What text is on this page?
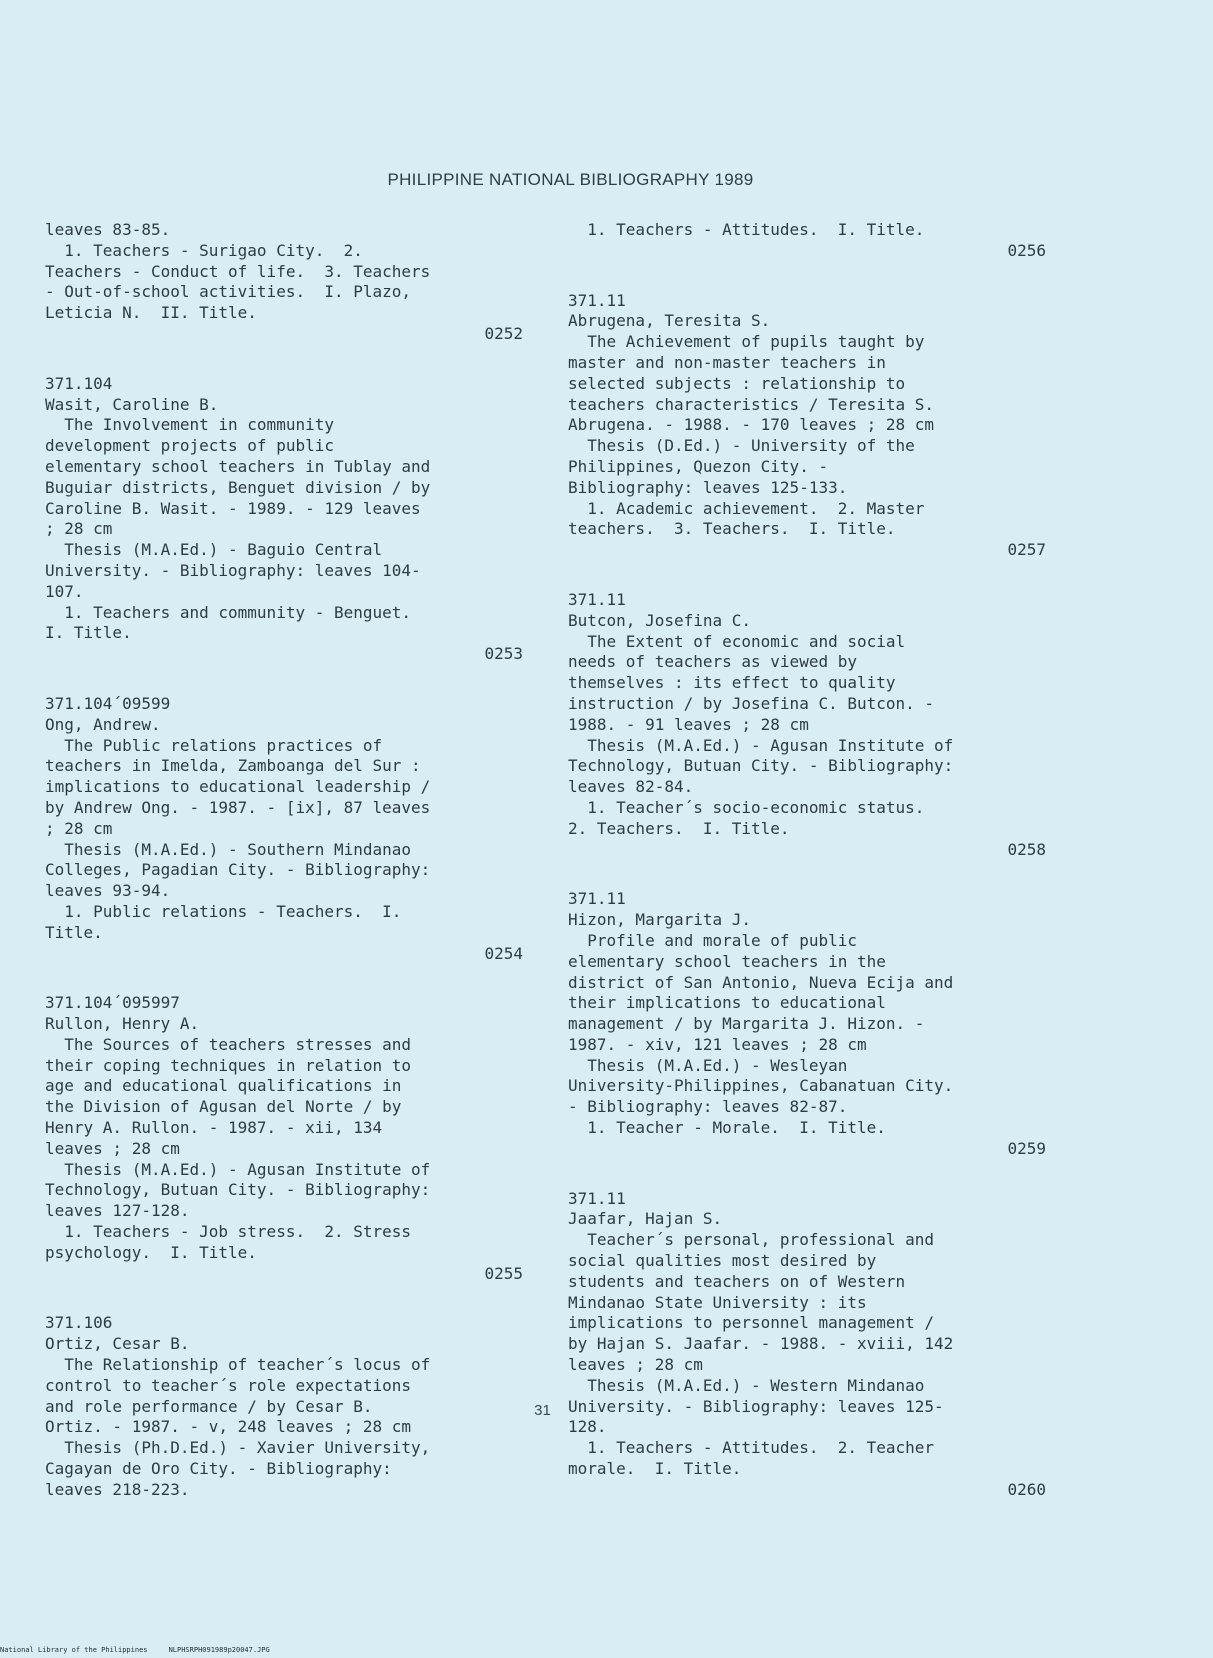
PHILIPPINE NATIONAL BIBLIOGRAPHY 1989
leaves 83-85.
1. Teachers - Surigao City.  2.
Teachers - Conduct of life.  3. Teachers
- Out-of-school activities.  I. Plazo,
Leticia N.  II. Title.
0252
371.104
Wasit, Caroline B.
The Involvement in community
development projects of public
elementary school teachers in Tublay and
Buguiar districts, Benguet division / by
Caroline B. Wasit. - 1989. - 129 leaves
; 28 cm
Thesis (M.A.Ed.) - Baguio Central
University. - Bibliography: leaves 104-
107.
1. Teachers and community - Benguet.
I. Title.
0253
371.104´09599
Ong, Andrew.
The Public relations practices of
teachers in Imelda, Zamboanga del Sur :
implications to educational leadership /
by Andrew Ong. - 1987. - [ix], 87 leaves
; 28 cm
Thesis (M.A.Ed.) - Southern Mindanao
Colleges, Pagadian City. - Bibliography:
leaves 93-94.
1. Public relations - Teachers.  I.
Title.
0254
371.104´095997
Rullon, Henry A.
The Sources of teachers stresses and
their coping techniques in relation to
age and educational qualifications in
the Division of Agusan del Norte / by
Henry A. Rullon. - 1987. - xii, 134
leaves ; 28 cm
Thesis (M.A.Ed.) - Agusan Institute of
Technology, Butuan City. - Bibliography:
leaves 127-128.
1. Teachers - Job stress.  2. Stress
psychology.  I. Title.
0255
371.106
Ortiz, Cesar B.
The Relationship of teacher´s locus of
control to teacher´s role expectations
and role performance / by Cesar B.
Ortiz. - 1987. - v, 248 leaves ; 28 cm
Thesis (Ph.D.Ed.) - Xavier University,
Cagayan de Oro City. - Bibliography:
leaves 218-223.
1. Teachers - Attitudes.  I. Title.
0256
371.11
Abrugena, Teresita S.
The Achievement of pupils taught by
master and non-master teachers in
selected subjects : relationship to
teachers characteristics / Teresita S.
Abrugena. - 1988. - 170 leaves ; 28 cm
Thesis (D.Ed.) - University of the
Philippines, Quezon City. -
Bibliography: leaves 125-133.
1. Academic achievement.  2. Master
teachers.  3. Teachers.  I. Title.
0257
371.11
Butcon, Josefina C.
The Extent of economic and social
needs of teachers as viewed by
themselves : its effect to quality
instruction / by Josefina C. Butcon. -
1988. - 91 leaves ; 28 cm
Thesis (M.A.Ed.) - Agusan Institute of
Technology, Butuan City. - Bibliography:
leaves 82-84.
1. Teacher´s socio-economic status.
2. Teachers.  I. Title.
0258
371.11
Hizon, Margarita J.
Profile and morale of public
elementary school teachers in the
district of San Antonio, Nueva Ecija and
their implications to educational
management / by Margarita J. Hizon. -
1987. - xiv, 121 leaves ; 28 cm
Thesis (M.A.Ed.) - Wesleyan
University-Philippines, Cabanatuan City.
- Bibliography: leaves 82-87.
1. Teacher - Morale.  I. Title.
0259
371.11
Jaafar, Hajan S.
Teacher´s personal, professional and
social qualities most desired by
students and teachers on of Western
Mindanao State University : its
implications to personnel management /
by Hajan S. Jaafar. - 1988. - xviii, 142
leaves ; 28 cm
Thesis (M.A.Ed.) - Western Mindanao
University. - Bibliography: leaves 125-
128.
1. Teachers - Attitudes.  2. Teacher
morale.  I. Title.
0260
31
National Library of the Philippines     NLPHSRPH091989p20047.JPG
